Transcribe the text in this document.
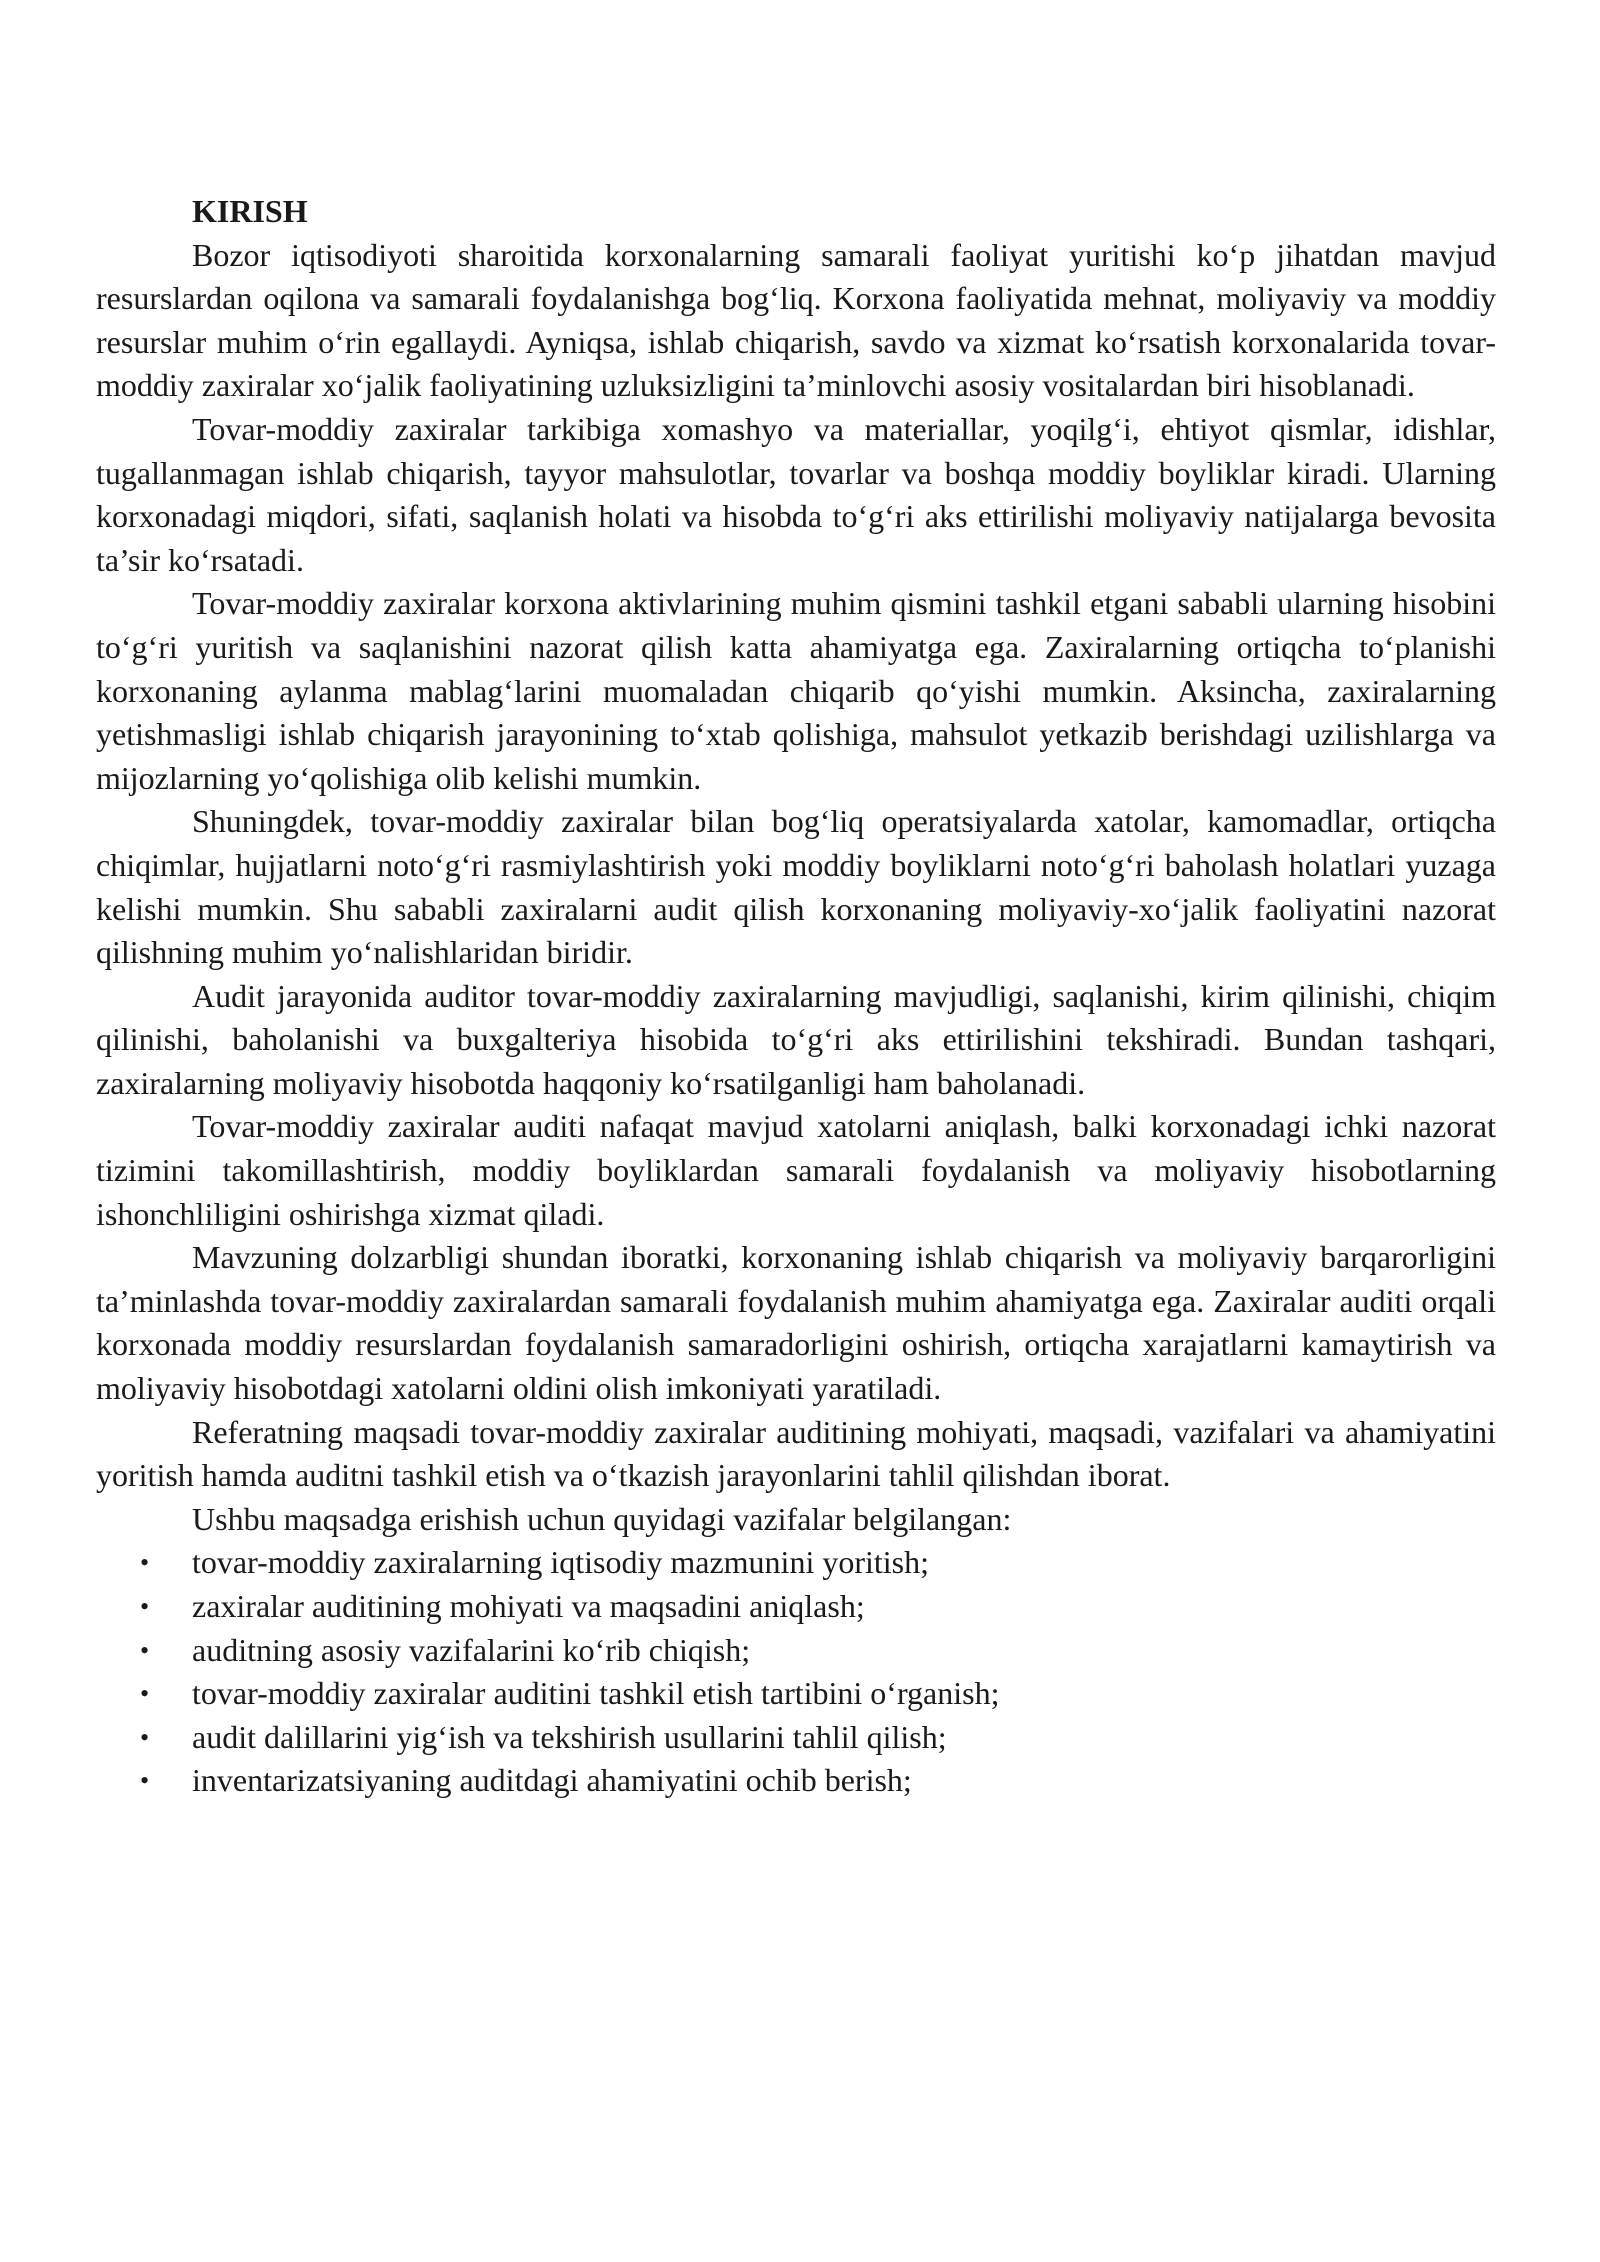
KIRISH

Bozor iqtisodiyoti sharoitida korxonalarning samarali faoliyat yuritishi ko‘p jihatdan mavjud resurslardan oqilona va samarali foydalanishga bog‘liq. Korxona faoliyatida mehnat, moliyaviy va moddiy resurslar muhim o‘rin egallaydi. Ayniqsa, ishlab chiqarish, savdo va xizmat ko‘rsatish korxonalarida tovar-moddiy zaxiralar xo‘jalik faoliyatining uzluksizligini ta’minlovchi asosiy vositalardan biri hisoblanadi.

Tovar-moddiy zaxiralar tarkibiga xomashyo va materiallar, yoqilg‘i, ehtiyot qismlar, idishlar, tugallanmagan ishlab chiqarish, tayyor mahsulotlar, tovarlar va boshqa moddiy boyliklar kiradi. Ularning korxonadagi miqdori, sifati, saqlanish holati va hisobda to‘g‘ri aks ettirilishi moliyaviy natijalarga bevosita ta’sir ko‘rsatadi.

Tovar-moddiy zaxiralar korxona aktivlarining muhim qismini tashkil etgani sababli ularning hisobini to‘g‘ri yuritish va saqlanishini nazorat qilish katta ahamiyatga ega. Zaxiralarning ortiqcha to‘planishi korxonaning aylanma mablag‘larini muomaladan chiqarib qo‘yishi mumkin. Aksincha, zaxiralarning yetishmasligi ishlab chiqarish jarayonining to‘xtab qolishiga, mahsulot yetkazib berishdagi uzilishlarga va mijozlarning yo‘qolishiga olib kelishi mumkin.

Shuningdek, tovar-moddiy zaxiralar bilan bog‘liq operatsiyalarda xatolar, kamomadlar, ortiqcha chiqimlar, hujjatlarni noto‘g‘ri rasmiylashtirish yoki moddiy boyliklarni noto‘g‘ri baholash holatlari yuzaga kelishi mumkin. Shu sababli zaxiralarni audit qilish korxonaning moliyaviy-xo‘jalik faoliyatini nazorat qilishning muhim yo‘nalishlaridan biridir.

Audit jarayonida auditor tovar-moddiy zaxiralarning mavjudligi, saqlanishi, kirim qilinishi, chiqim qilinishi, baholanishi va buxgalteriya hisobida to‘g‘ri aks ettirilishini tekshiradi. Bundan tashqari, zaxiralarning moliyaviy hisobotda haqqoniy ko‘rsatilganligi ham baholanadi.

Tovar-moddiy zaxiralar auditi nafaqat mavjud xatolarni aniqlash, balki korxonadagi ichki nazorat tizimini takomillashtirish, moddiy boyliklardan samarali foydalanish va moliyaviy hisobotlarning ishonchliligini oshirishga xizmat qiladi.

Mavzuning dolzarbligi shundan iboratki, korxonaning ishlab chiqarish va moliyaviy barqarorligini ta’minlashda tovar-moddiy zaxiralardan samarali foydalanish muhim ahamiyatga ega. Zaxiralar auditi orqali korxonada moddiy resurslardan foydalanish samaradorligini oshirish, ortiqcha xarajatlarni kamaytirish va moliyaviy hisobotdagi xatolarni oldini olish imkoniyati yaratiladi.

Referatning maqsadi tovar-moddiy zaxiralar auditining mohiyati, maqsadi, vazifalari va ahamiyatini yoritish hamda auditni tashkil etish va o‘tkazish jarayonlarini tahlil qilishdan iborat.

Ushbu maqsadga erishish uchun quyidagi vazifalar belgilangan:

• tovar-moddiy zaxiralarning iqtisodiy mazmunini yoritish;
• zaxiralar auditining mohiyati va maqsadini aniqlash;
• auditning asosiy vazifalarini ko‘rib chiqish;
• tovar-moddiy zaxiralar auditini tashkil etish tartibini o‘rganish;
• audit dalillarini yig‘ish va tekshirish usullarini tahlil qilish;
• inventarizatsiyaning auditdagi ahamiyatini ochib berish;
